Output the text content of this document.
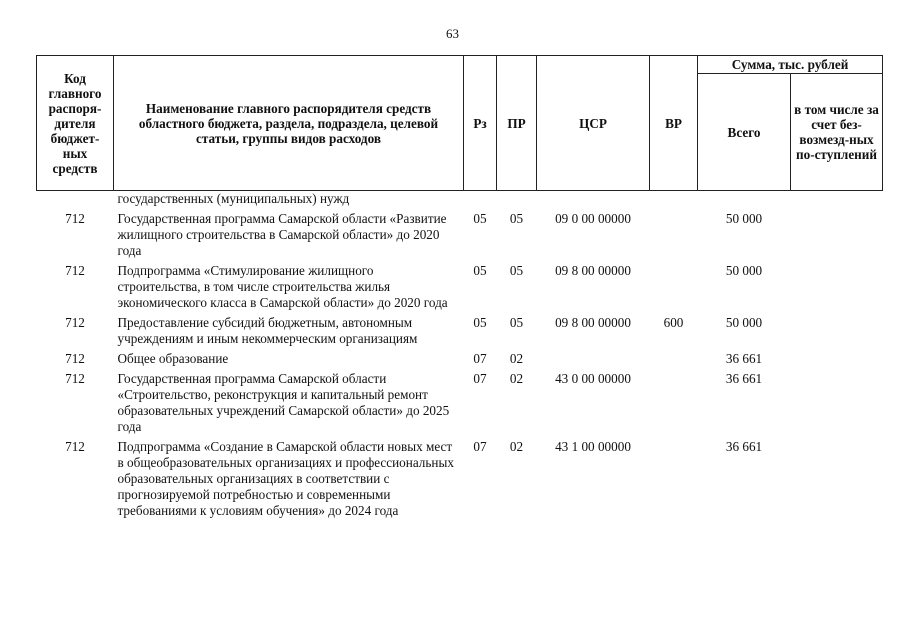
63
Код главного распоря-дителя бюджет-ных средств	Наименование главного распорядителя средств областного бюджета, раздела, подраздела, целевой статьи, группы видов расходов	Рз	ПР	ЦСР	ВР	Сумма, тыс. рублей	
						Всего	в том числе за счет без-возмезд-ных по-ступлений
	государственных (муниципальных) нужд						
712	Государственная программа Самарской области «Развитие жилищного строительства в Самарской области» до 2020 года	05	05	09 0 00 00000		50 000	
712	Подпрограмма «Стимулирование жилищного строительства, в том числе строительства жилья экономического класса в Самарской области» до 2020 года	05	05	09 8 00 00000		50 000	
712	Предоставление субсидий бюджетным, автономным учреждениям и иным некоммерческим организациям	05	05	09 8 00 00000	600	50 000	
712	Общее образование	07	02			36 661	
712	Государственная программа Самарской области «Строительство, реконструкция и капитальный ремонт образовательных учреждений Самарской области» до 2025 года	07	02	43 0 00 00000		36 661	
712	Подпрограмма «Создание в Самарской области новых мест в общеобразовательных организациях и профессиональных образовательных организациях в соответствии с прогнозируемой потребностью и современными требованиями к условиям обучения» до 2024 года	07	02	43 1 00 00000		36 661	
